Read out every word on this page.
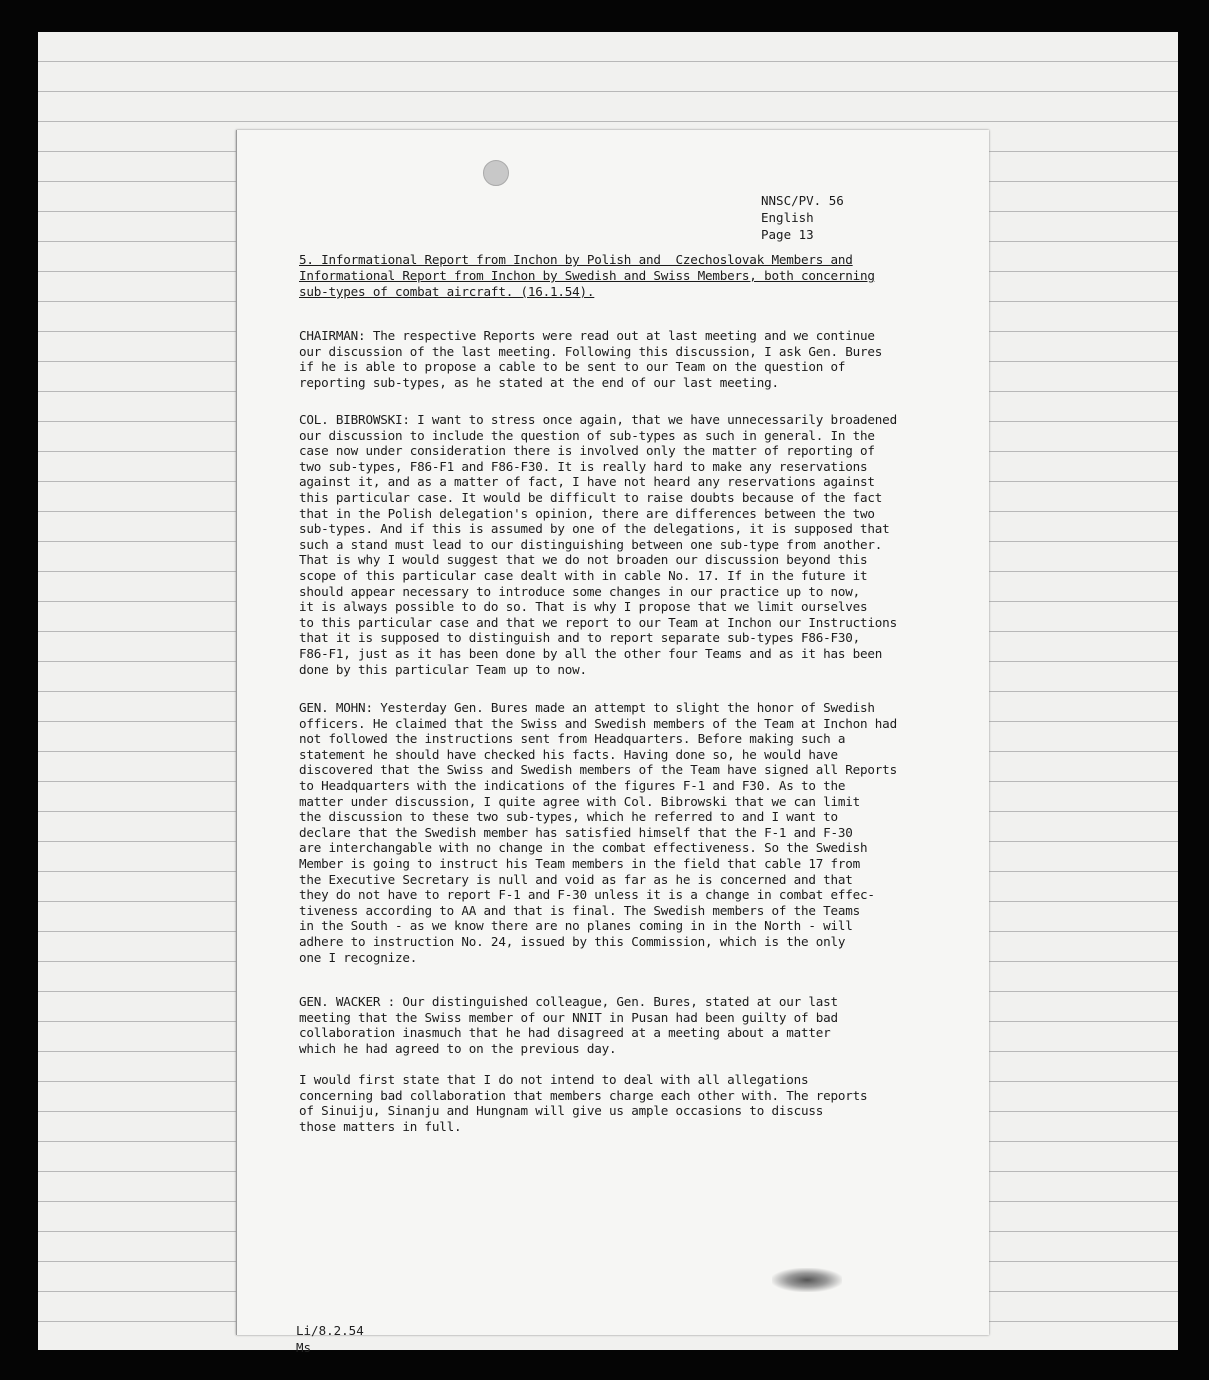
NNSC/PV. 56
English
Page 13

5. Informational Report from Inchon by Polish and  Czechoslovak Members and

Informational Report from Inchon by Swedish and Swiss Members, both concerning

sub-types of combat aircraft. (16.1.54).

CHAIRMAN: The respective Reports were read out at last meeting and we continue

our discussion of the last meeting. Following this discussion, I ask Gen. Bures

if he is able to propose a cable to be sent to our Team on the question of

reporting sub-types, as he stated at the end of our last meeting.

COL. BIBROWSKI: I want to stress once again, that we have unnecessarily broadened

our discussion to include the question of sub-types as such in general. In the

case now under consideration there is involved only the matter of reporting of

two sub-types, F86-F1 and F86-F30. It is really hard to make any reservations

against it, and as a matter of fact, I have not heard any reservations against

this particular case. It would be difficult to raise doubts because of the fact

that in the Polish delegation's opinion, there are differences between the two

sub-types. And if this is assumed by one of the delegations, it is supposed that

such a stand must lead to our distinguishing between one sub-type from another.

That is why I would suggest that we do not broaden our discussion beyond this

scope of this particular case dealt with in cable No. 17. If in the future it

should appear necessary to introduce some changes in our practice up to now,

it is always possible to do so. That is why I propose that we limit ourselves

to this particular case and that we report to our Team at Inchon our Instructions

that it is supposed to distinguish and to report separate sub-types F86-F30,

F86-F1, just as it has been done by all the other four Teams and as it has been

done by this particular Team up to now.

GEN. MOHN: Yesterday Gen. Bures made an attempt to slight the honor of Swedish

officers. He claimed that the Swiss and Swedish members of the Team at Inchon had

not followed the instructions sent from Headquarters. Before making such a

statement he should have checked his facts. Having done so, he would have

discovered that the Swiss and Swedish members of the Team have signed all Reports

to Headquarters with the indications of the figures F-1 and F30. As to the

matter under discussion, I quite agree with Col. Bibrowski that we can limit

the discussion to these two sub-types, which he referred to and I want to

declare that the Swedish member has satisfied himself that the F-1 and F-30

are interchangable with no change in the combat effectiveness. So the Swedish

Member is going to instruct his Team members in the field that cable 17 from

the Executive Secretary is null and void as far as he is concerned and that

they do not have to report F-1 and F-30 unless it is a change in combat effec-

tiveness according to AA and that is final. The Swedish members of the Teams

in the South - as we know there are no planes coming in in the North - will

adhere to instruction No. 24, issued by this Commission, which is the only

one I recognize.

GEN. WACKER : Our distinguished colleague, Gen. Bures, stated at our last

meeting that the Swiss member of our NNIT in Pusan had been guilty of bad

collaboration inasmuch that he had disagreed at a meeting about a matter

which he had agreed to on the previous day.

I would first state that I do not intend to deal with all allegations

concerning bad collaboration that members charge each other with. The reports

of Sinuiju, Sinanju and Hungnam will give us ample occasions to discuss

those matters in full.

Li/8.2.54
Ms
